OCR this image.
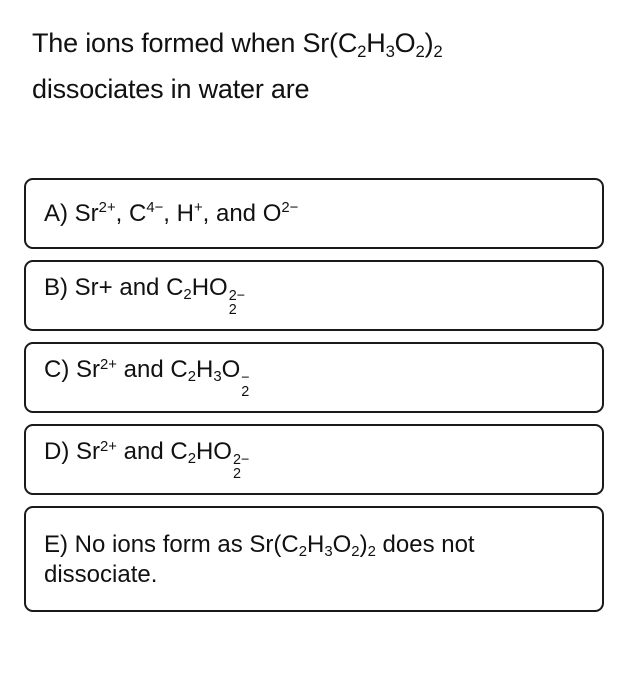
The ions formed when Sr(C2H3O2)2
dissociates in water are
A) $Sr^{2+}$, $C^{4-}$, H+, and $O^{2-}$
B) Sr+ and C2HO 2−
2
C) $Sr^{2+}$ and C2H3O −
2
D) $Sr^{2+}$ and C2HO 2−
2
E) No ions form as Sr(C2H3O2)2 does not dissociate.
